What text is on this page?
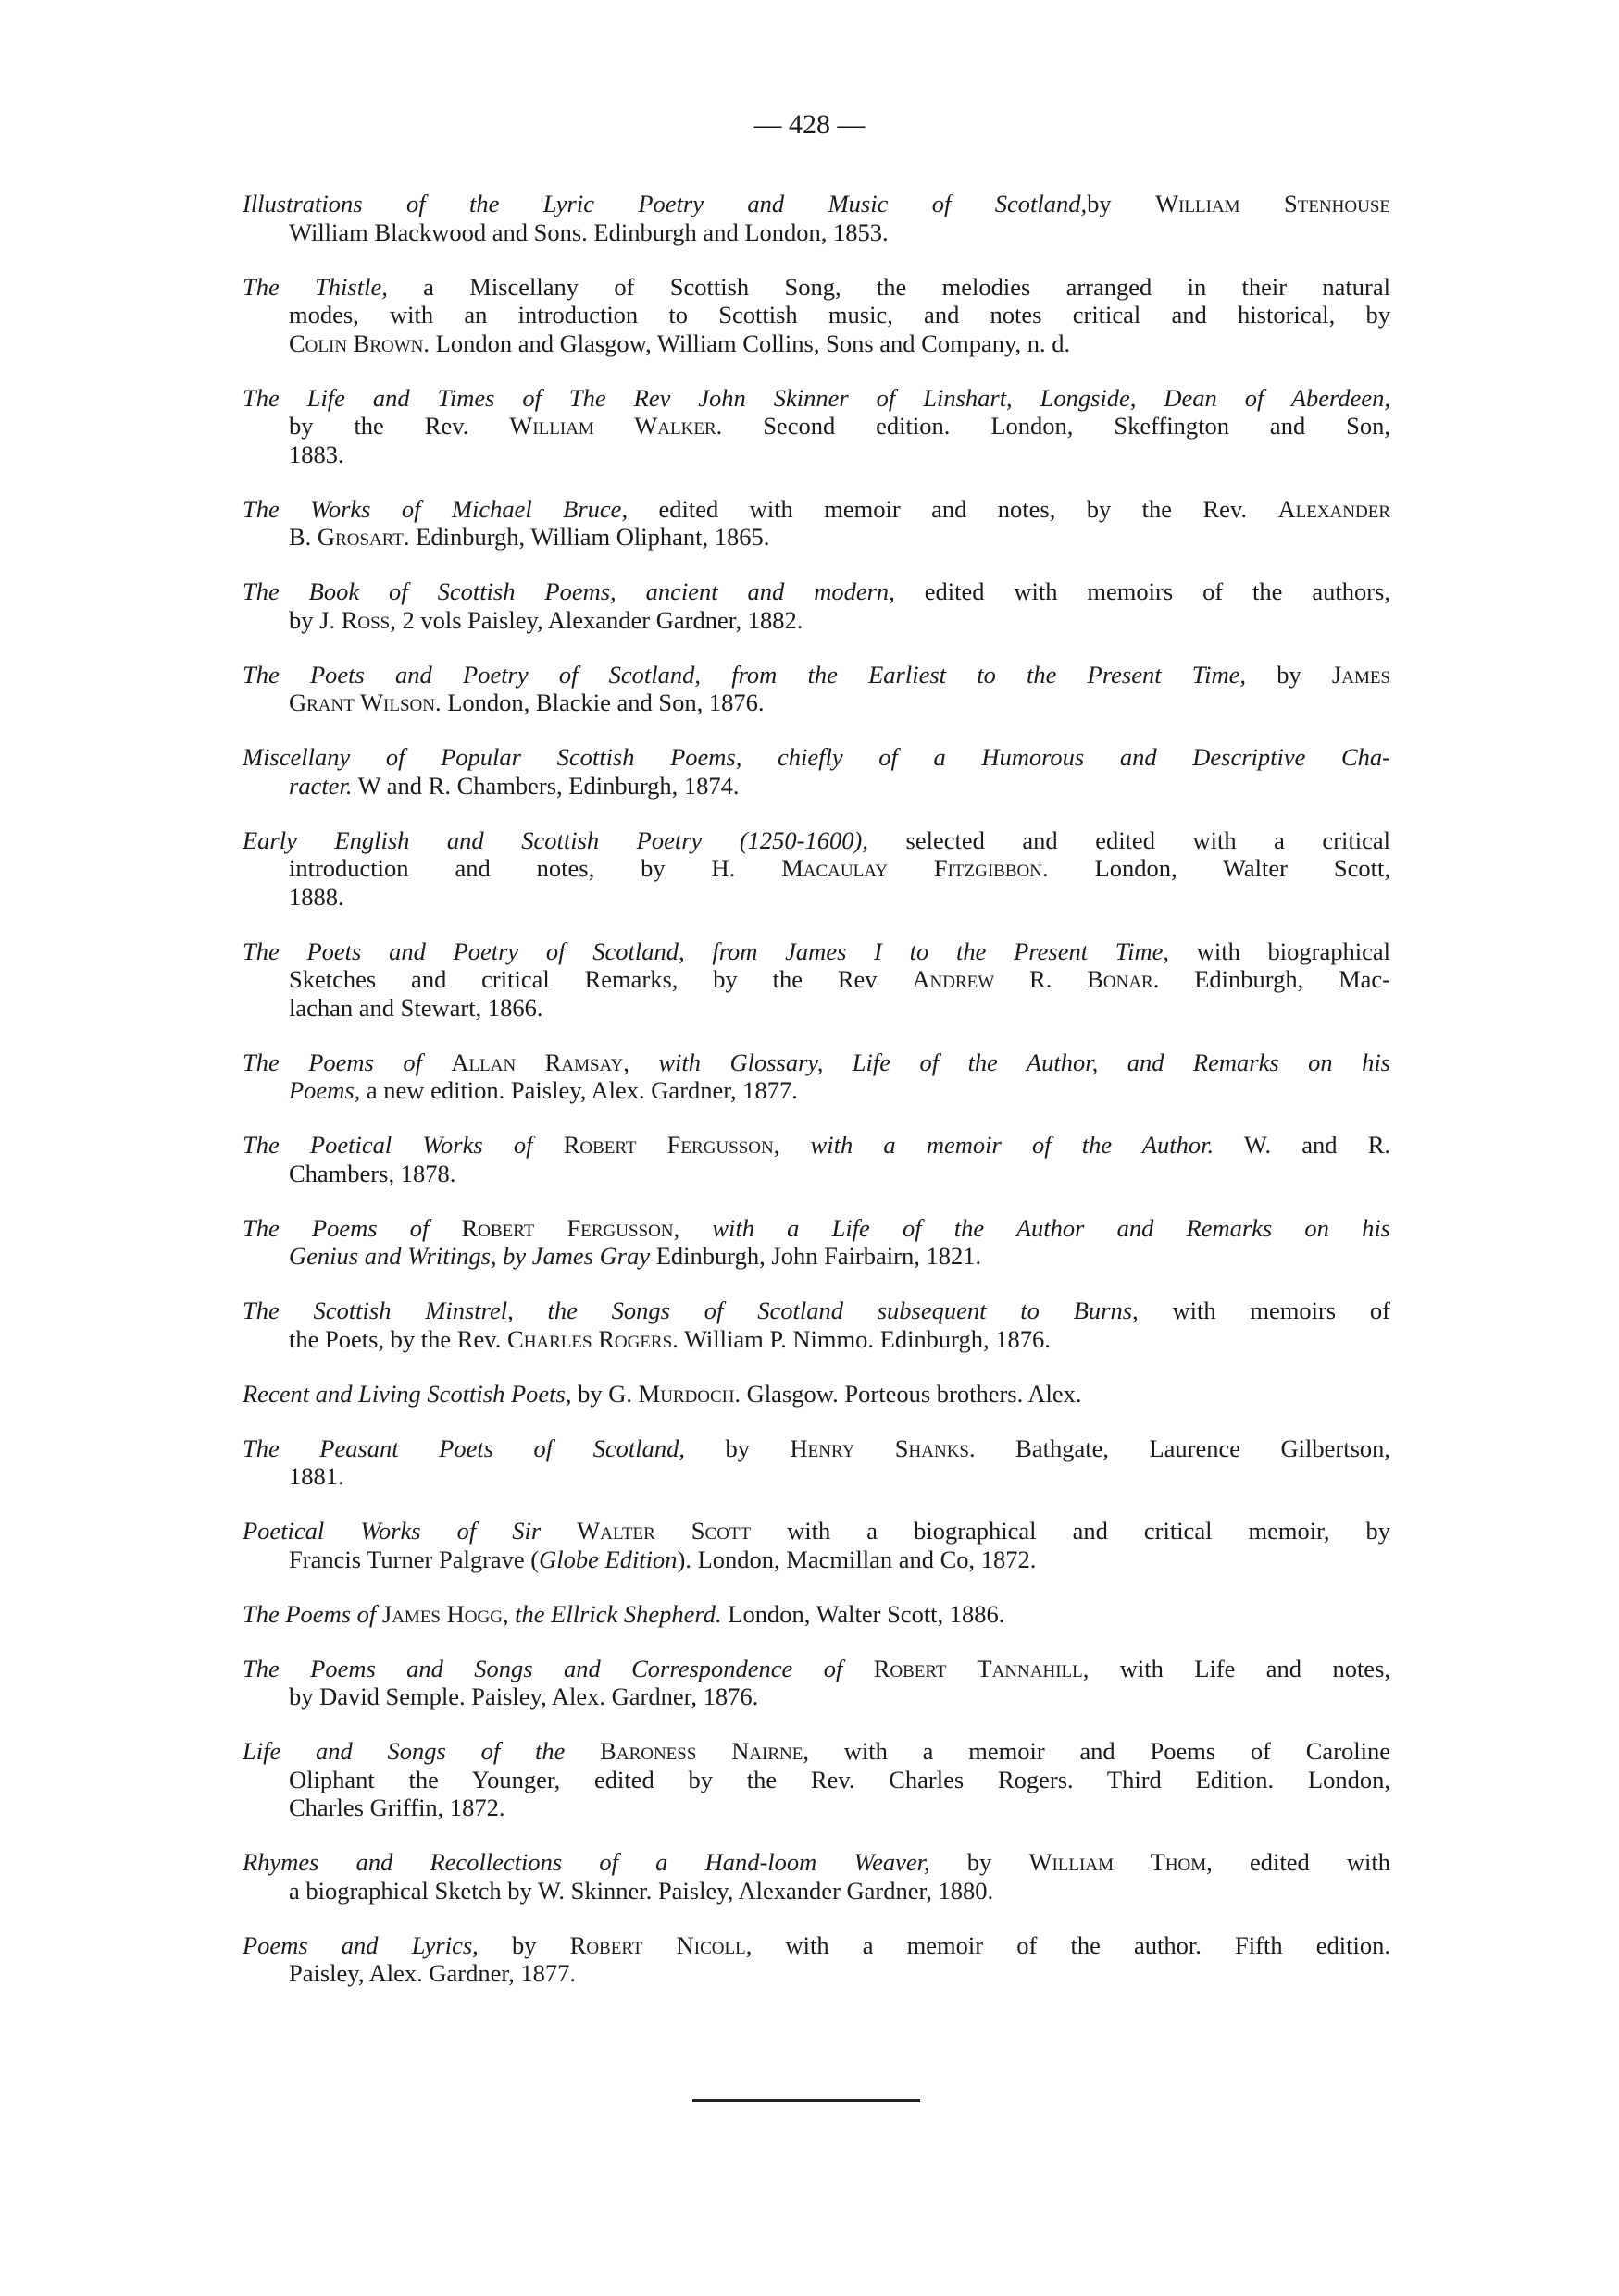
— 428 —
Illustrations of the Lyric Poetry and Music of Scotland,by William Stenhouse
William Blackwood and Sons. Edinburgh and London, 1853.
The Thistle, a Miscellany of Scottish Song, the melodies arranged in their natural
modes, with an introduction to Scottish music, and notes critical and historical, by
Colin Brown. London and Glasgow, William Collins, Sons and Company, n. d.
The Life and Times of The Rev John Skinner of Linshart, Longside, Dean of Aberdeen,
by the Rev. William Walker. Second edition. London, Skeffington and Son,
1883.
The Works of Michael Bruce, edited with memoir and notes, by the Rev. Alexander
B. Grosart. Edinburgh, William Oliphant, 1865.
The Book of Scottish Poems, ancient and modern, edited with memoirs of the authors,
by J. Ross, 2 vols Paisley, Alexander Gardner, 1882.
The Poets and Poetry of Scotland, from the Earliest to the Present Time, by James
Grant Wilson. London, Blackie and Son, 1876.
Miscellany of Popular Scottish Poems, chiefly of a Humorous and Descriptive Cha-
racter. W and R. Chambers, Edinburgh, 1874.
Early English and Scottish Poetry (1250-1600), selected and edited with a critical
introduction and notes, by H. Macaulay Fitzgibbon. London, Walter Scott,
1888.
The Poets and Poetry of Scotland, from James I to the Present Time, with biographical
Sketches and critical Remarks, by the Rev Andrew R. Bonar. Edinburgh, Mac-
lachan and Stewart, 1866.
The Poems of Allan Ramsay, with Glossary, Life of the Author, and Remarks on his
Poems, a new edition. Paisley, Alex. Gardner, 1877.
The Poetical Works of Robert Fergusson, with a memoir of the Author. W. and R.
Chambers, 1878.
The Poems of Robert Fergusson, with a Life of the Author and Remarks on his
Genius and Writings, by James Gray Edinburgh, John Fairbairn, 1821.
The Scottish Minstrel, the Songs of Scotland subsequent to Burns, with memoirs of
the Poets, by the Rev. Charles Rogers. William P. Nimmo. Edinburgh, 1876.
Recent and Living Scottish Poets, by G. Murdoch. Glasgow. Porteous brothers. Alex.
The Peasant Poets of Scotland, by Henry Shanks. Bathgate, Laurence Gilbertson,
1881.
Poetical Works of Sir Walter Scott with a biographical and critical memoir, by
Francis Turner Palgrave (Globe Edition). London, Macmillan and Co, 1872.
The Poems of James Hogg, the Ellrick Shepherd. London, Walter Scott, 1886.
The Poems and Songs and Correspondence of Robert Tannahill, with Life and notes,
by David Semple. Paisley, Alex. Gardner, 1876.
Life and Songs of the Baroness Nairne, with a memoir and Poems of Caroline
Oliphant the Younger, edited by the Rev. Charles Rogers. Third Edition. London,
Charles Griffin, 1872.
Rhymes and Recollections of a Hand-loom Weaver, by William Thom, edited with
a biographical Sketch by W. Skinner. Paisley, Alexander Gardner, 1880.
Poems and Lyrics, by Robert Nicoll, with a memoir of the author. Fifth edition.
Paisley, Alex. Gardner, 1877.
